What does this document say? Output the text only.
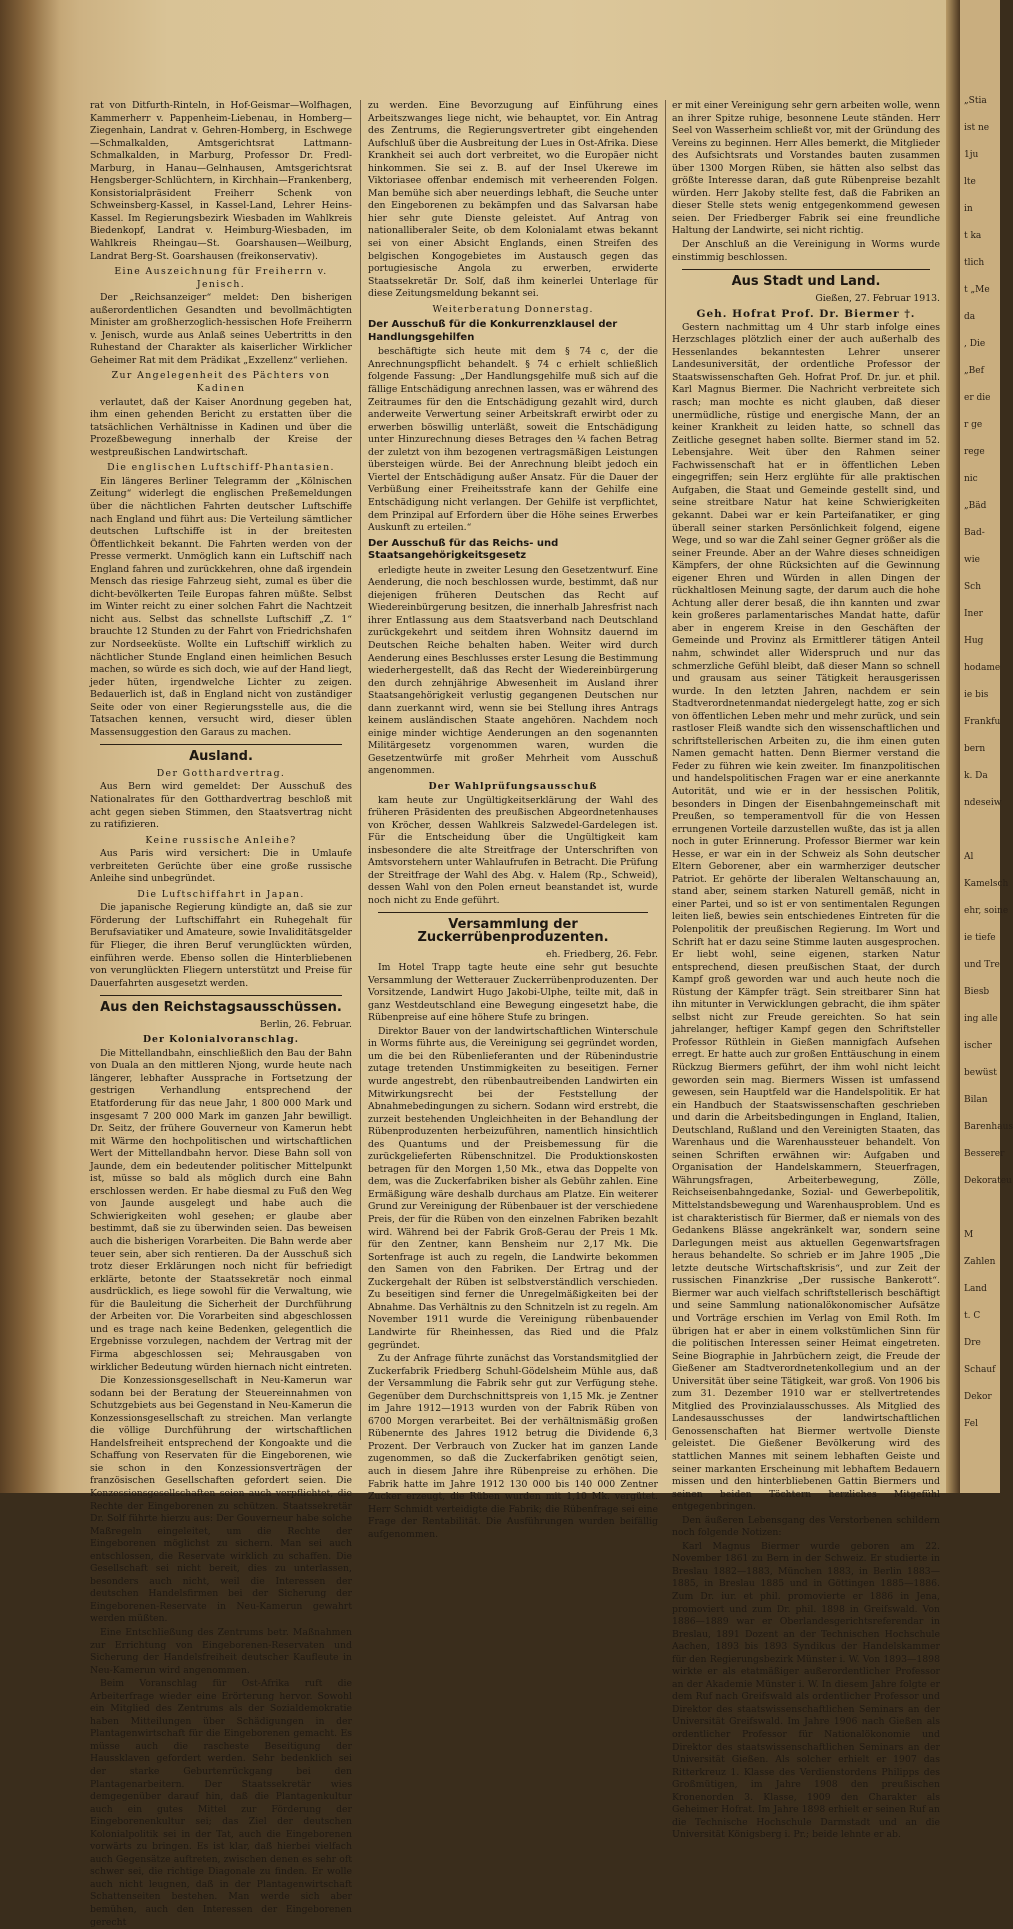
rat von Ditfurth-Rinteln, in Hof-Geismar—Wolfhagen, Kammerherr v. Pappenheim-Liebenau, in Homberg—Ziegenhain, Landrat v. Gehren-Homberg, in Eschwege—Schmalkalden, Amtsgerichtsrat Lattmann-Schmalkalden, in Marburg, Professor Dr. Fredl-Marburg, in Hanau—Gelnhausen, Amtsgerichtsrat Hengsberger-Schlüchtern, in Kirchhain—Frankenberg, Konsistorialpräsident Freiherr Schenk von Schweinsberg-Kassel, in Kassel-Land, Lehrer Heins-Kassel. Im Regierungsbezirk Wiesbaden im Wahlkreis Biedenkopf, Landrat v. Heimburg-Wiesbaden, im Wahlkreis Rheingau—St. Goarshausen—Weilburg, Landrat Berg-St. Goarshausen (freikonservativ).

Eine Auszeichnung für Freiherrn v. Jenisch.

Der „Reichsanzeiger“ meldet: Den bisherigen außerordentlichen Gesandten und bevollmächtigten Minister am großherzoglich-hessischen Hofe Freiherrn v. Jenisch, wurde aus Anlaß seines Uebertritts in den Ruhestand der Charakter als kaiserlicher Wirklicher Geheimer Rat mit dem Prädikat „Exzellenz“ verliehen.

Zur Angelegenheit des Pächters von Kadinen

verlautet, daß der Kaiser Anordnung gegeben hat, ihm einen gehenden Bericht zu erstatten über die tatsächlichen Verhältnisse in Kadinen und über die Prozeßbewegung innerhalb der Kreise der westpreußischen Landwirtschaft.

Die englischen Luftschiff-Phantasien.

Ein längeres Berliner Telegramm der „Kölnischen Zeitung“ widerlegt die englischen Preßemeldungen über die nächtlichen Fahrten deutscher Luftschiffe nach England und führt aus: Die Verteilung sämtlicher deutschen Luftschiffe ist in der breitesten Öffentlichkeit bekannt. Die Fahrten werden von der Presse vermerkt. Unmöglich kann ein Luftschiff nach England fahren und zurückkehren, ohne daß irgendein Mensch das riesige Fahrzeug sieht, zumal es über die dicht-bevölkerten Teile Europas fahren müßte. Selbst im Winter reicht zu einer solchen Fahrt die Nachtzeit nicht aus. Selbst das schnellste Luftschiff „Z. 1“ brauchte 12 Stunden zu der Fahrt von Friedrichshafen zur Nordseeküste. Wollte ein Luftschiff wirklich zu nächtlicher Stunde England einen heimlichen Besuch machen, so würde es sich doch, wie auf der Hand liegt, jeder hüten, irgendwelche Lichter zu zeigen. Bedauerlich ist, daß in England nicht von zuständiger Seite oder von einer Regierungsstelle aus, die die Tatsachen kennen, versucht wird, dieser üblen Massensuggestion den Garaus zu machen.

Ausland.

Der Gotthardvertrag.

Aus Bern wird gemeldet: Der Ausschuß des Nationalrates für den Gotthardvertrag beschloß mit acht gegen sieben Stimmen, den Staatsvertrag nicht zu ratifizieren.

Keine russische Anleihe?

Aus Paris wird versichert: Die in Umlaufe verbreiteten Gerüchte über eine große russische Anleihe sind unbegründet.

Die Luftschiffahrt in Japan.

Die japanische Regierung kündigte an, daß sie zur Förderung der Luftschiffahrt ein Ruhegehalt für Berufsaviatiker und Amateure, sowie Invaliditätsgelder für Flieger, die ihren Beruf verunglückten würden, einführen werde. Ebenso sollen die Hinterbliebenen von verunglückten Fliegern unterstützt und Preise für Dauerfahrten ausgesetzt werden.

Aus den Reichstagsausschüssen.

Berlin, 26. Februar.

Der Kolonialvoranschlag.

Die Mittellandbahn, einschließlich den Bau der Bahn von Duala an den mittleren Njong, wurde heute nach längerer, lebhafter Aussprache in Fortsetzung der gestrigen Verhandlung entsprechend der Etatforderung für das neue Jahr, 1 800 000 Mark und insgesamt 7 200 000 Mark im ganzen Jahr bewilligt. Dr. Seitz, der frühere Gouverneur von Kamerun hebt mit Wärme den hochpolitischen und wirtschaftlichen Wert der Mittellandbahn hervor. Diese Bahn soll von Jaunde, dem ein bedeutender politischer Mittelpunkt ist, müsse so bald als möglich durch eine Bahn erschlossen werden. Er habe diesmal zu Fuß den Weg von Jaunde ausgelegt und habe auch die Schwierigkeiten wohl gesehen; er glaube aber bestimmt, daß sie zu überwinden seien. Das beweisen auch die bisherigen Vorarbeiten. Die Bahn werde aber teuer sein, aber sich rentieren. Da der Ausschuß sich trotz dieser Erklärungen noch nicht für befriedigt erklärte, betonte der Staatssekretär noch einmal ausdrücklich, es liege sowohl für die Verwaltung, wie für die Bauleitung die Sicherheit der Durchführung der Arbeiten vor. Die Vorarbeiten sind abgeschlossen und es trage nach keine Bedenken, gelegentlich die Ergebnisse vorzulegen, nachdem der Vertrag mit der Firma abgeschlossen sei; Mehrausgaben von wirklicher Bedeutung würden hiernach nicht eintreten.

Die Konzessionsgesellschaft in Neu-Kamerun war sodann bei der Beratung der Steuereinnahmen von Schutzgebiets aus bei Gegenstand in Neu-Kamerun die Konzessionsgesellschaft zu streichen. Man verlangte die völlige Durchführung der wirtschaftlichen Handelsfreiheit entsprechend der Kongoakte und die Schaffung von Reservaten für die Eingeborenen, wie sie schon in den Konzessionsverträgen der französischen Gesellschaften gefordert seien. Die Konzessionsgesellschaften seien auch verpflichtet, die Rechte der Eingeborenen zu schützen. Staatssekretär Dr. Solf führte hierzu aus: Der Gouverneur habe solche Maßregeln eingeleitet, um die Rechte der Eingeborenen möglichst zu sichern. Man sei auch entschlossen, die Reservate wirklich zu schaffen. Die Gesellschaft sei nicht bereit, dies zu unterlassen, besonders auch nicht, weil die Interessen der deutschen Handelsfirmen bei der Sicherung der Eingeborenen-Reservate in Neu-Kamerun gewahrt werden müßten.

Eine Entschließung des Zentrums betr. Maßnahmen zur Errichtung von Eingeborenen-Reservaten und Sicherung der Handelsfreiheit deutscher Kaufleute in Neu-Kamerun wird angenommen.

Beim Voranschlag für Ost-Afrika ruft die Arbeiterfrage wieder eine Erörterung hervor. Sowohl ein Mitglied des Zentrums als der Sozialdemokratie haben Mitteilungen über Schädigungen in der Plantagenwirtschaft für die Eingeborenen gemacht. Es müsse auch die rascheste Beseitigung der Haussklaven gefordert werden. Sehr bedenklich sei der starke Geburtenrückgang bei den Plantagenarbeitern. Der Staatssekretär wies demgegenüber darauf hin, daß die Plantagenkultur auch ein gutes Mittel zur Förderung der Eingeborenenkultur sei; das Ziel der deutschen Kolonialpolitik sei in der Tat, auch die Eingeborenen vorwärts zu bringen. Es ist klar, daß hierbei vielfach auch Gegensätze auftreten, zwischen denen es sehr oft schwer sei, die richtige Diagonale zu finden. Er wolle auch nicht leugnen, daß in der Plantagenwirtschaft Schattenseiten bestehen. Man werde sich aber bemühen, auch den Interessen der Eingeborenen gerecht

zu werden. Eine Bevorzugung auf Einführung eines Arbeitszwanges liege nicht, wie behauptet, vor. Ein Antrag des Zentrums, die Regierungsvertreter gibt eingehenden Aufschluß über die Ausbreitung der Lues in Ost-Afrika. Diese Krankheit sei auch dort verbreitet, wo die Europäer nicht hinkommen. Sie sei z. B. auf der Insel Ukerewe im Viktoriasee offenbar endemisch mit verheerenden Folgen. Man bemühe sich aber neuerdings lebhaft, die Seuche unter den Eingeborenen zu bekämpfen und das Salvarsan habe hier sehr gute Dienste geleistet. Auf Antrag von nationalliberaler Seite, ob dem Kolonialamt etwas bekannt sei von einer Absicht Englands, einen Streifen des belgischen Kongogebietes im Austausch gegen das portugiesische Angola zu erwerben, erwiderte Staatssekretär Dr. Solf, daß ihm keinerlei Unterlage für diese Zeitungsmeldung bekannt sei.

Weiterberatung Donnerstag.

Der Ausschuß für die Konkurrenzklausel der Handlungsgehilfen

beschäftigte sich heute mit dem § 74 c, der die Anrechnungspflicht behandelt. § 74 c erhielt schließlich folgende Fassung: „Der Handlungsgehilfe muß sich auf die fällige Entschädigung anrechnen lassen, was er während des Zeitraumes für den die Entschädigung gezahlt wird, durch anderweite Verwertung seiner Arbeitskraft erwirbt oder zu erwerben böswillig unterläßt, soweit die Entschädigung unter Hinzurechnung dieses Betrages den ¼ fachen Betrag der zuletzt von ihm bezogenen vertragsmäßigen Leistungen übersteigen würde. Bei der Anrechnung bleibt jedoch ein Viertel der Entschädigung außer Ansatz. Für die Dauer der Verbüßung einer Freiheitsstrafe kann der Gehilfe eine Entschädigung nicht verlangen. Der Gehilfe ist verpflichtet, dem Prinzipal auf Erfordern über die Höhe seines Erwerbes Auskunft zu erteilen.“

Der Ausschuß für das Reichs- und Staatsangehörigkeitsgesetz

erledigte heute in zweiter Lesung den Gesetzentwurf. Eine Aenderung, die noch beschlossen wurde, bestimmt, daß nur diejenigen früheren Deutschen das Recht auf Wiedereinbürgerung besitzen, die innerhalb Jahresfrist nach ihrer Entlassung aus dem Staatsverband nach Deutschland zurückgekehrt und seitdem ihren Wohnsitz dauernd im Deutschen Reiche behalten haben. Weiter wird durch Aenderung eines Beschlusses erster Lesung die Bestimmung wiederhergestellt, daß das Recht der Wiedereinbürgerung den durch zehnjährige Abwesenheit im Ausland ihrer Staatsangehörigkeit verlustig gegangenen Deutschen nur dann zuerkannt wird, wenn sie bei Stellung ihres Antrags keinem ausländischen Staate angehören. Nachdem noch einige minder wichtige Aenderungen an den sogenannten Militärgesetz vorgenommen waren, wurden die Gesetzentwürfe mit großer Mehrheit vom Ausschuß angenommen.

Der Wahlprüfungsausschuß

kam heute zur Ungültigkeitserklärung der Wahl des früheren Präsidenten des preußischen Abgeordnetenhauses von Kröcher, dessen Wahlkreis Salzwedel-Gardelegen ist. Für die Entscheidung über die Ungültigkeit kam insbesondere die alte Streitfrage der Unterschriften von Amtsvorstehern unter Wahlaufrufen in Betracht. Die Prüfung der Streitfrage der Wahl des Abg. v. Halem (Rp., Schweid), dessen Wahl von den Polen erneut beanstandet ist, wurde noch nicht zu Ende geführt.

Versammlung der Zuckerrübenproduzenten.

eh. Friedberg, 26. Febr.

Im Hotel Trapp tagte heute eine sehr gut besuchte Versammlung der Wetterauer Zuckerrübenproduzenten. Der Vorsitzende, Landwirt Hugo Jakobi-Ulphe, teilte mit, daß in ganz Westdeutschland eine Bewegung eingesetzt habe, die Rübenpreise auf eine höhere Stufe zu bringen.

Direktor Bauer von der landwirtschaftlichen Winterschule in Worms führte aus, die Vereinigung sei gegründet worden, um die bei den Rübenlieferanten und der Rübenindustrie zutage tretenden Unstimmigkeiten zu beseitigen. Ferner wurde angestrebt, den rübenbautreibenden Landwirten ein Mitwirkungsrecht bei der Feststellung der Abnahmebedingungen zu sichern. Sodann wird erstrebt, die zurzeit bestehenden Ungleichheiten in der Behandlung der Rübenproduzenten herbeizuführen, namentlich hinsichtlich des Quantums und der Preisbemessung für die zurückgelieferten Rübenschnitzel. Die Produktionskosten betragen für den Morgen 1,50 Mk., etwa das Doppelte von dem, was die Zuckerfabriken bisher als Gebühr zahlen. Eine Ermäßigung wäre deshalb durchaus am Platze. Ein weiterer Grund zur Vereinigung der Rübenbauer ist der verschiedene Preis, der für die Rüben von den einzelnen Fabriken bezahlt wird. Während bei der Fabrik Groß-Gerau der Preis 1 Mk. für den Zentner, kann Bensheim nur 2,17 Mk. Die Sortenfrage ist auch zu regeln, die Landwirte bekommen den Samen von den Fabriken. Der Ertrag und der Zuckergehalt der Rüben ist selbstverständlich verschieden. Zu beseitigen sind ferner die Unregelmäßigkeiten bei der Abnahme. Das Verhältnis zu den Schnitzeln ist zu regeln. Am November 1911 wurde die Vereinigung rübenbauender Landwirte für Rheinhessen, das Ried und die Pfalz gegründet.

Zu der Anfrage führte zunächst das Vorstandsmitglied der Zuckerfabrik Friedberg Schuhl-Gödelsheim Mühle aus, daß der Versammlung die Fabrik sehr gut zur Verfügung stehe. Gegenüber dem Durchschnittspreis von 1,15 Mk. je Zentner im Jahre 1912—1913 wurden von der Fabrik Rüben von 6700 Morgen verarbeitet. Bei der verhältnismäßig großen Rübenernte des Jahres 1912 betrug die Dividende 6,3 Prozent. Der Verbrauch von Zucker hat im ganzen Lande zugenommen, so daß die Zuckerfabriken genötigt seien, auch in diesem Jahre ihre Rübenpreise zu erhöhen. Die Fabrik hatte im Jahre 1912 130 000 bis 140 000 Zentner Zucker erzeugt, die Rüben wurden mit 1,10 Mk. vergütet. Herr Schmidt verteidigte die Fabrik; die Rübenfrage sei eine Frage der Rentabilität. Die Ausführungen wurden beifällig aufgenommen.

er mit einer Vereinigung sehr gern arbeiten wolle, wenn an ihrer Spitze ruhige, besonnene Leute ständen. Herr Seel von Wasserheim schließt vor, mit der Gründung des Vereins zu beginnen. Herr Alles bemerkt, die Mitglieder des Aufsichtsrats und Vorstandes bauten zusammen über 1300 Morgen Rüben, sie hätten also selbst das größte Interesse daran, daß gute Rübenpreise bezahlt würden. Herr Jakoby stellte fest, daß die Fabriken an dieser Stelle stets wenig entgegenkommend gewesen seien. Der Friedberger Fabrik sei eine freundliche Haltung der Landwirte, sei nicht richtig.

Der Anschluß an die Vereinigung in Worms wurde einstimmig beschlossen.

Aus Stadt und Land.

Gießen, 27. Februar 1913.

Geh. Hofrat Prof. Dr. Biermer †.

Gestern nachmittag um 4 Uhr starb infolge eines Herzschlages plötzlich einer der auch außerhalb des Hessenlandes bekanntesten Lehrer unserer Landesuniversität, der ordentliche Professor der Staatswissenschaften Geh. Hofrat Prof. Dr. jur. et phil. Karl Magnus Biermer. Die Nachricht verbreitete sich rasch; man mochte es nicht glauben, daß dieser unermüdliche, rüstige und energische Mann, der an keiner Krankheit zu leiden hatte, so schnell das Zeitliche gesegnet haben sollte. Biermer stand im 52. Lebensjahre. Weit über den Rahmen seiner Fachwissenschaft hat er in öffentlichen Leben eingegriffen; sein Herz erglühte für alle praktischen Aufgaben, die Staat und Gemeinde gestellt sind, und seine streitbare Natur hat keine Schwierigkeiten gekannt. Dabei war er kein Parteifanatiker, er ging überall seiner starken Persönlichkeit folgend, eigene Wege, und so war die Zahl seiner Gegner größer als die seiner Freunde. Aber an der Wahre dieses schneidigen Kämpfers, der ohne Rücksichten auf die Gewinnung eigener Ehren und Würden in allen Dingen der rückhaltlosen Meinung sagte, der darum auch die hohe Achtung aller derer besaß, die ihn kannten und zwar kein großeres parlamentarisches Mandat hatte, dafür aber in engerem Kreise in den Geschäften der Gemeinde und Provinz als Ermittlerer tätigen Anteil nahm, schwindet aller Widerspruch und nur das schmerzliche Gefühl bleibt, daß dieser Mann so schnell und grausam aus seiner Tätigkeit herausgerissen wurde. In den letzten Jahren, nachdem er sein Stadtverordnetenmandat niedergelegt hatte, zog er sich von öffentlichen Leben mehr und mehr zurück, und sein rastloser Fleiß wandte sich den wissenschaftlichen und schriftstellerischen Arbeiten zu, die ihm einen guten Namen gemacht hatten. Denn Biermer verstand die Feder zu führen wie kein zweiter. Im finanzpolitischen und handelspolitischen Fragen war er eine anerkannte Autorität, und wie er in der hessischen Politik, besonders in Dingen der Eisenbahngemeinschaft mit Preußen, so temperamentvoll für die von Hessen errungenen Vorteile darzustellen wußte, das ist ja allen noch in guter Erinnerung. Professor Biermer war kein Hesse, er war ein in der Schweiz als Sohn deutscher Eltern Geborener, aber ein warmherziger deutscher Patriot. Er gehörte der liberalen Weltanschauung an, stand aber, seinem starken Naturell gemäß, nicht in einer Partei, und so ist er von sentimentalen Regungen leiten ließ, bewies sein entschiedenes Eintreten für die Polenpolitik der preußischen Regierung. Im Wort und Schrift hat er dazu seine Stimme lauten ausgesprochen. Er liebt wohl, seine eigenen, starken Natur entsprechend, diesen preußischen Staat, der durch Kampf groß geworden war und auch heute noch die Rüstung der Kämpfer trägt. Sein streitbarer Sinn hat ihn mitunter in Verwicklungen gebracht, die ihm später selbst nicht zur Freude gereichten. So hat sein jahrelanger, heftiger Kampf gegen den Schriftsteller Professor Rüthlein in Gießen mannigfach Aufsehen erregt. Er hatte auch zur großen Enttäuschung in einem Rückzug Biermers geführt, der ihm wohl nicht leicht geworden sein mag. Biermers Wissen ist umfassend gewesen, sein Hauptfeld war die Handelspolitik. Er hat ein Handbuch der Staatswissenschaften geschrieben und darin die Arbeitsbedingungen in England, Italien, Deutschland, Rußland und den Vereinigten Staaten, das Warenhaus und die Warenhaussteuer behandelt. Von seinen Schriften erwähnen wir: Aufgaben und Organisation der Handelskammern, Steuerfragen, Währungsfragen, Arbeiterbewegung, Zölle, Reichseisenbahngedanke, Sozial- und Gewerbepolitik, Mittelstandsbewegung und Warenhausproblem. Und es ist charakteristisch für Biermer, daß er niemals von des Gedankens Blässe angekränkelt war, sondern seine Darlegungen meist aus aktuellen Gegenwartsfragen heraus behandelte. So schrieb er im Jahre 1905 „Die letzte deutsche Wirtschaftskrisis“, und zur Zeit der russischen Finanzkrise „Der russische Bankerott“. Biermer war auch vielfach schriftstellerisch beschäftigt und seine Sammlung nationalökonomischer Aufsätze und Vorträge erschien im Verlag von Emil Roth. Im übrigen hat er aber in einem volkstümlichen Sinn für die politischen Interessen seiner Heimat eingetreten. Seine Biographie in Jahrbüchern zeigt, die Freude der Gießener am Stadtverordnetenkollegium und an der Universität über seine Tätigkeit, war groß. Von 1906 bis zum 31. Dezember 1910 war er stellvertretendes Mitglied des Provinzialausschusses. Als Mitglied des Landesausschusses der landwirtschaftlichen Genossenschaften hat Biermer wertvolle Dienste geleistet. Die Gießener Bevölkerung wird des stattlichen Mannes mit seinem lebhaften Geiste und seiner markanten Erscheinung mit lebhaftem Bedauern missen und den hinterbliebenen Gattin Biermers und seinen beiden Töchtern herzliches Mitgefühl entgegenbringen.

Den äußeren Lebensgang des Verstorbenen schildern noch folgende Notizen:

Karl Magnus Biermer wurde geboren am 22. November 1861 zu Bern in der Schweiz. Er studierte in Breslau 1882—1883, München 1883, in Berlin 1883—1885, in Breslau 1885 und in Göttingen 1885—1886. Zum Dr. iur. et phil. promovierte er 1886 in Jena, promoviert und zum Dr. phil. 1898 in Greifswald. Von 1886—1889 war er Oberlandesgerichtsreferendar in Breslau, 1891 Dozent an der Technischen Hochschule Aachen, 1893 bis 1893 Syndikus der Handelskammer für den Regierungsbezirk Münster i. W. Von 1893—1898 wirkte er als etatmäßiger außerordentlicher Professor an der Akademie Münster i. W. In diesem Jahre folgte er dem Ruf nach Greifswald als ordentlicher Professor und Direktor des staatswissenschaftlichen Seminars an der Universität Greifswald. Im Jahre 1906 nach Gießen als ordentlicher Professor für Nationalökonomie und Direktor des staatswissenschaftlichen Seminars an der Universität Gießen. Als solcher erhielt er 1907 das Ritterkreuz 1. Klasse des Verdienstordens Philipps des Großmütigen, im Jahre 1908 den preußischen Kronenorden 3. Klasse, 1909 den Charakter als Geheimer Hofrat. Im Jahre 1898 erhielt er seinen Ruf an die Technische Hochschule Darmstadt und an die Universität Königsberg i. Pr.; beide lehnte er ab.

„Stia
ist ne
1ju
lte
in
t ka
tlich
t „Me
da
, Die
„Bef
er die
r ge
rege
nic
„Bäd
Bad-
wie
Sch
Iner
Hug
hodame
ie bis
Frankfu
bern
k. Da
ndeseiw
Al
Kamelsch
ehr, soine
ie tiefe
und Tre
Biesb
ing alle
ischer
bewüst
Bilan
Barenhaus
Besserer
Dekorateu
M
Zahlen
Land
t. C
Dre
Schauf
Dekor
Fel
